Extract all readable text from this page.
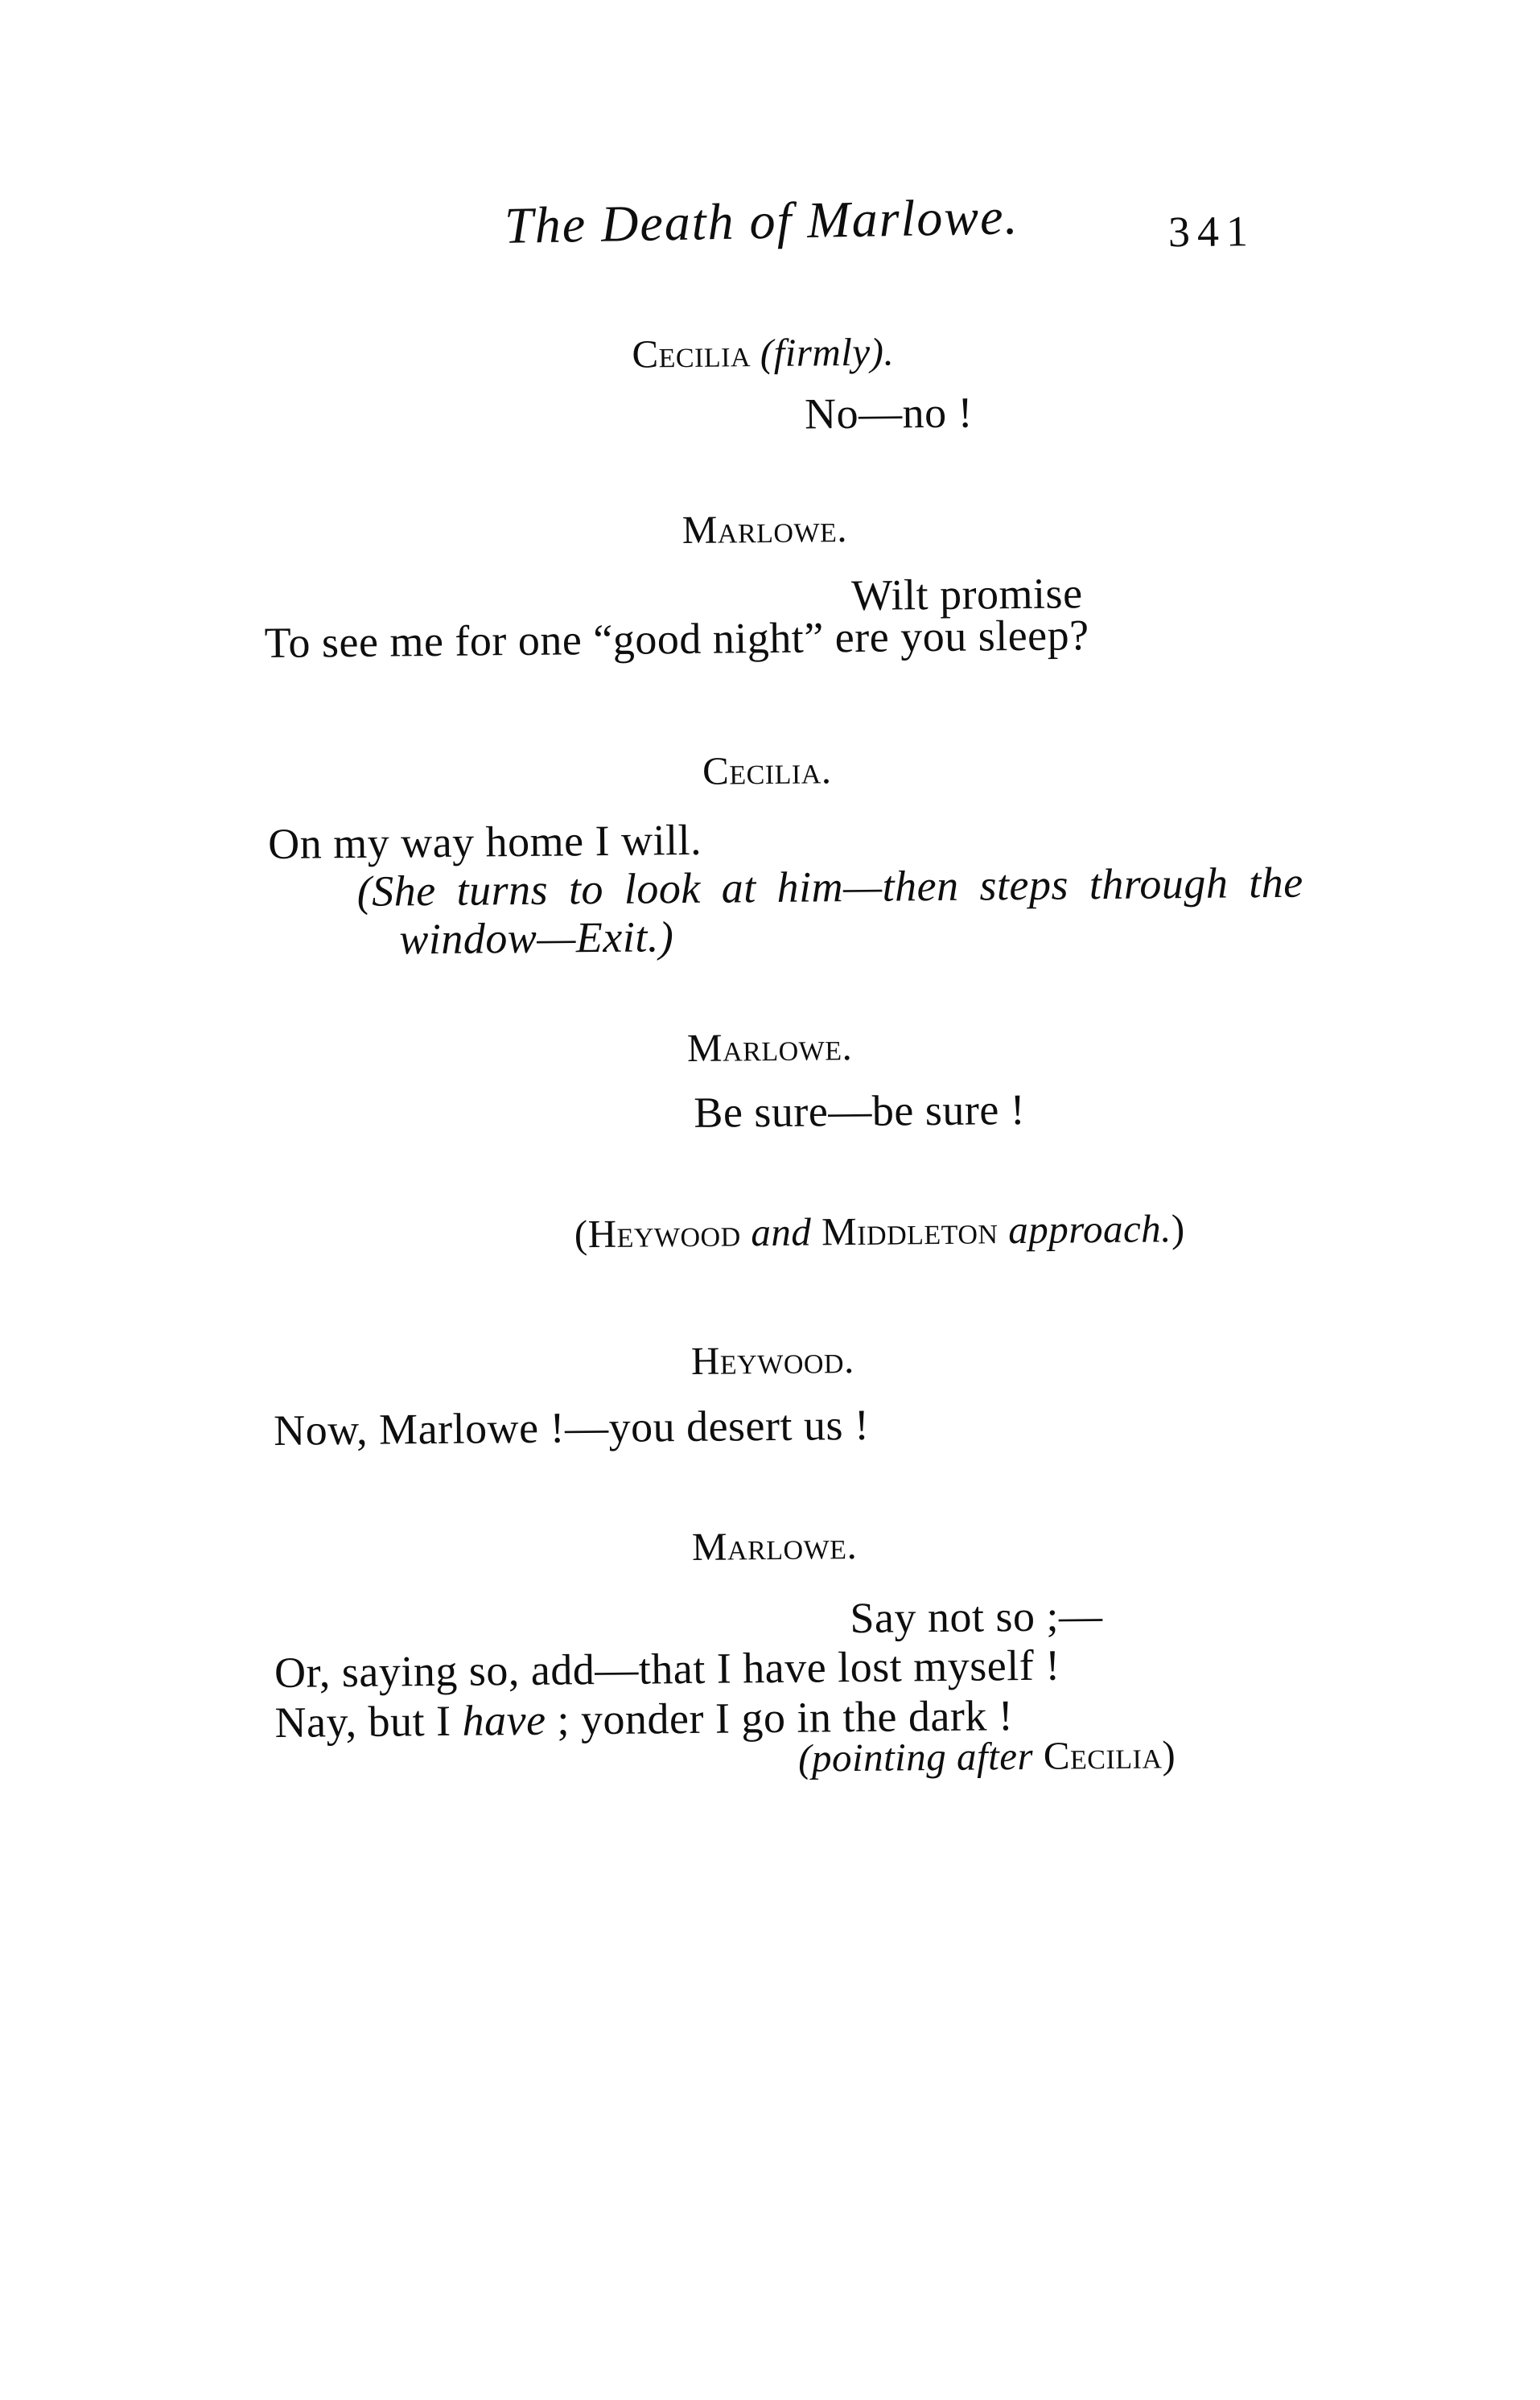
The Death of Marlowe.	341
Cecilia (firmly).
No—no !
Marlowe.
Wilt promise
To see me for one “good night” ere you sleep?
Cecilia.
On my way home I will.
(She turns to look at him—then steps through the
window—Exit.)
Marlowe.
Be sure—be sure !
(Heywood and Middleton approach.)
Heywood.
Now, Marlowe !—you desert us !
Marlowe.
Say not so ;—
Or, saying so, add—that I have lost myself !
Nay, but I have ; yonder I go in the dark !
(pointing after Cecilia)
